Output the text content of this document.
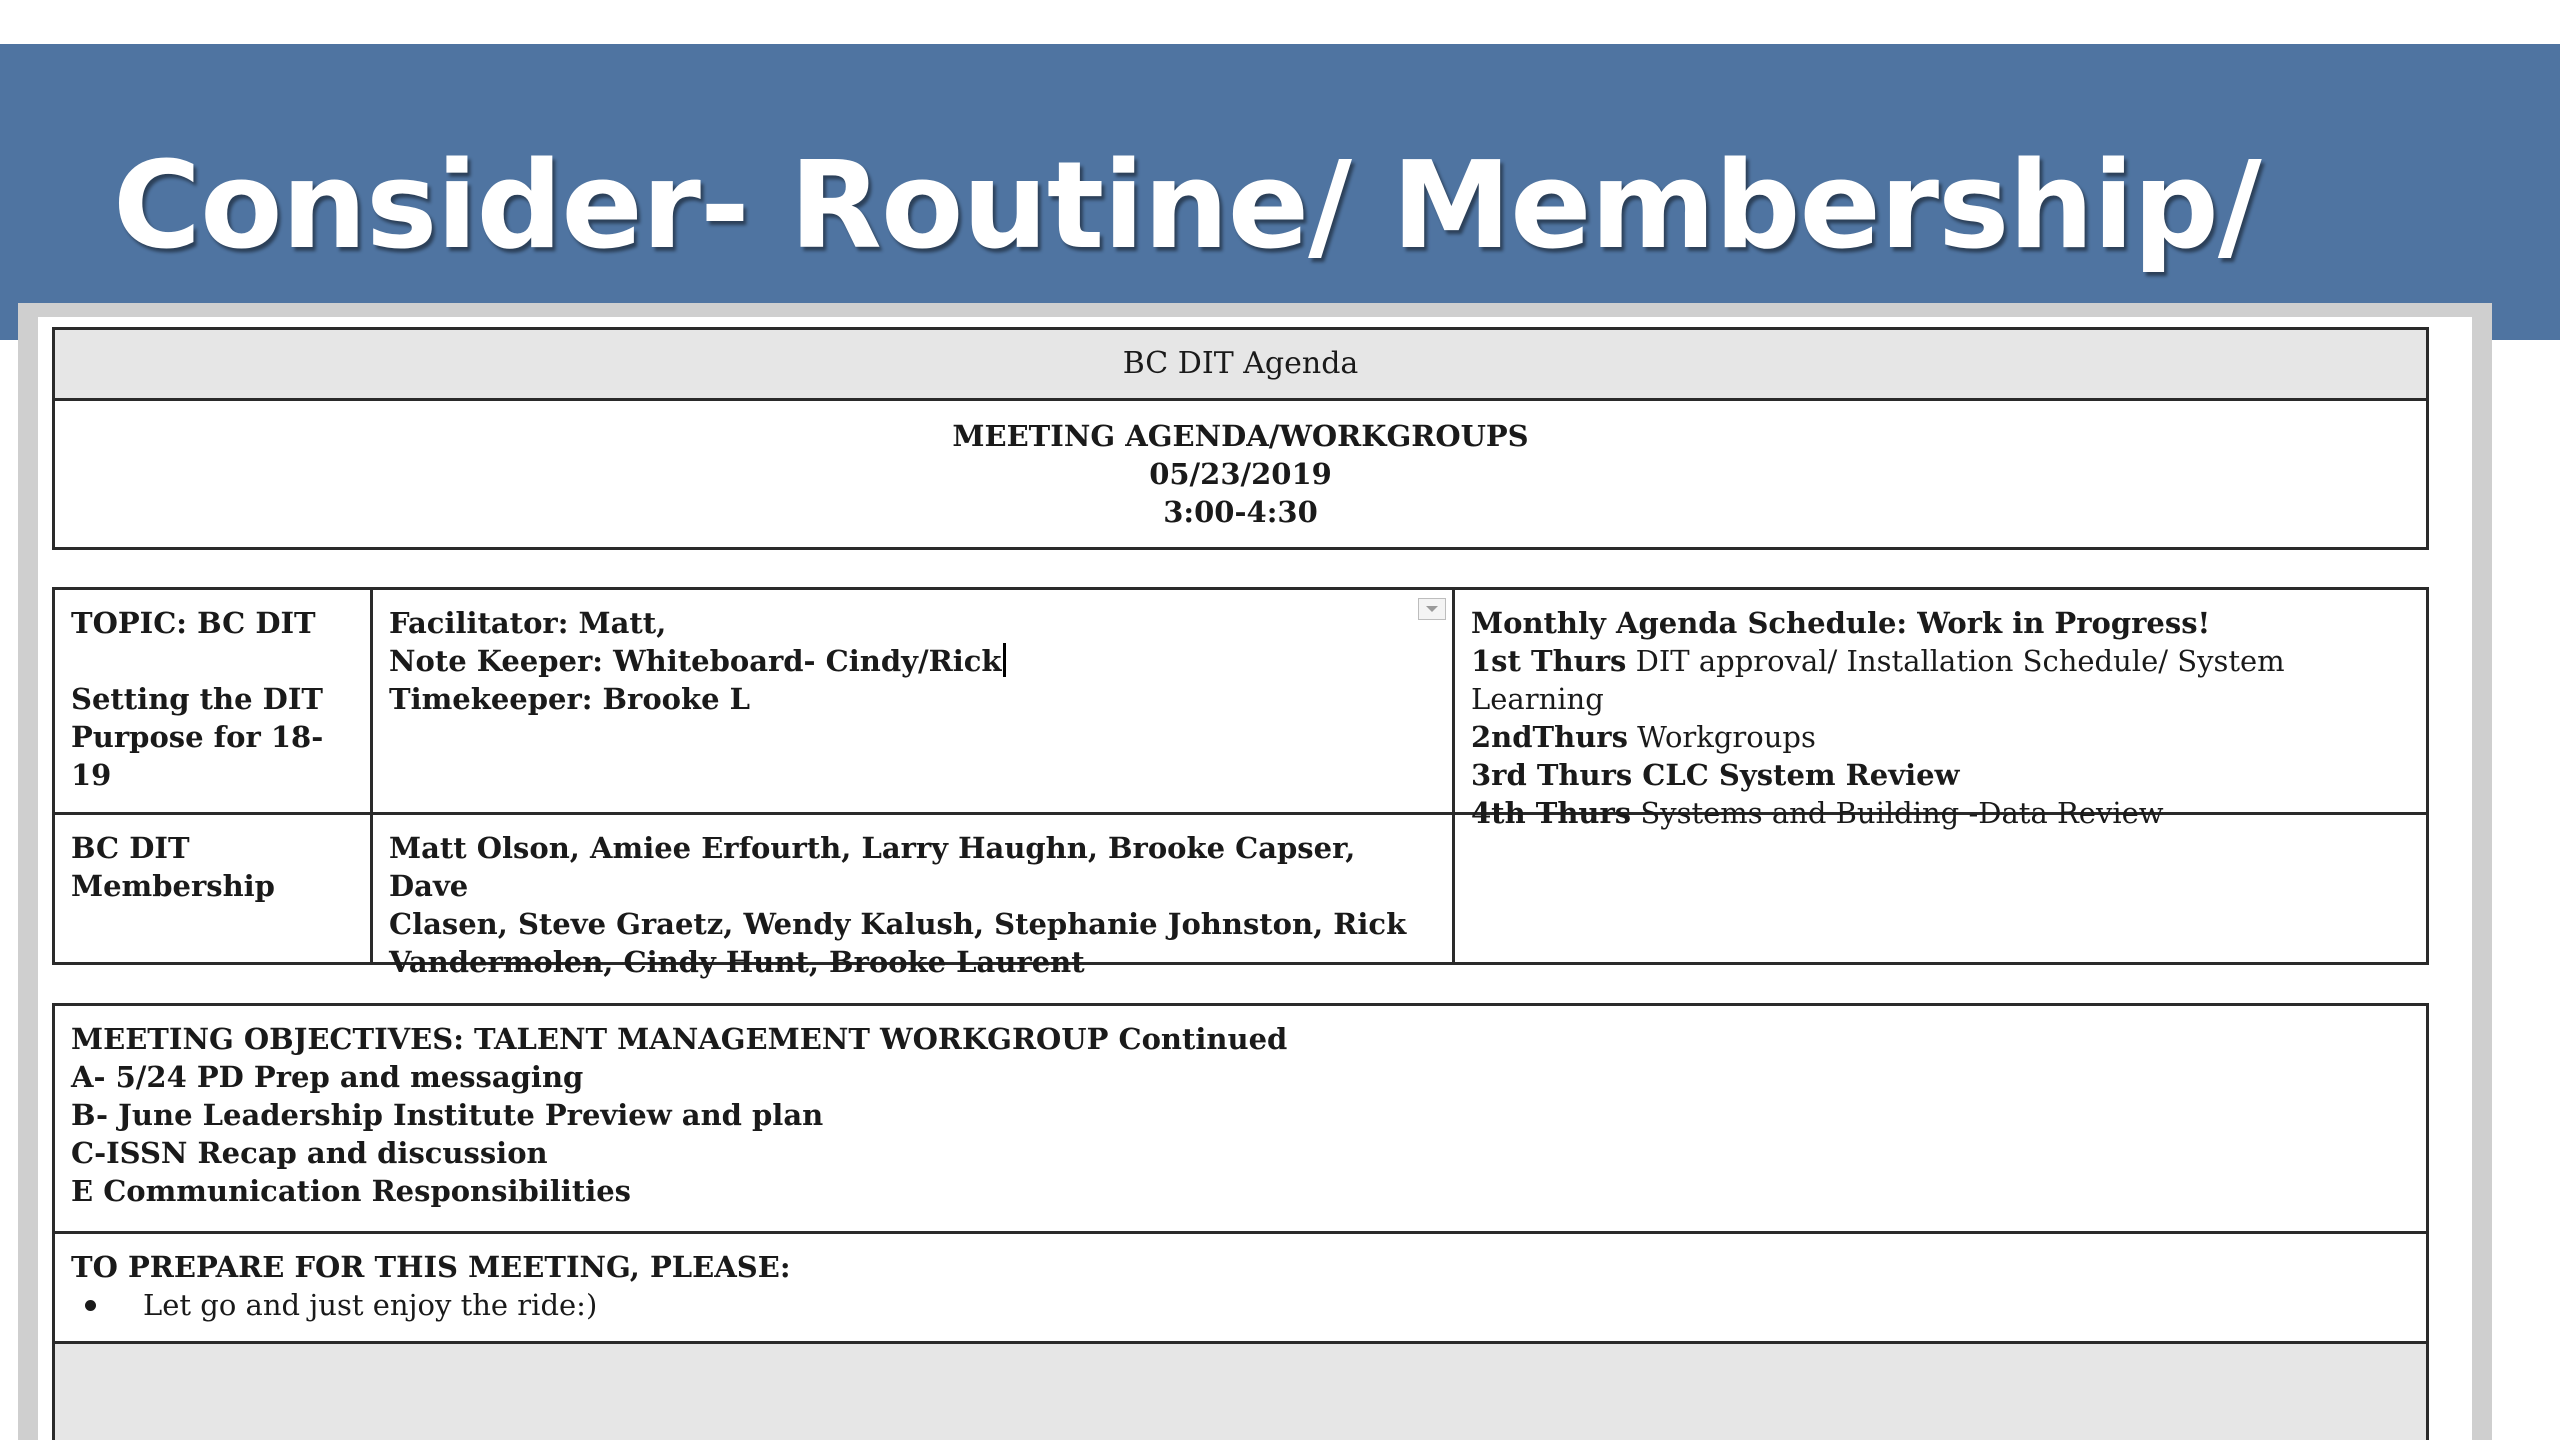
Consider- Routine/ Membership/
BC DIT Agenda
MEETING AGENDA/WORKGROUPS
05/23/2019
3:00-4:30
TOPIC: BC DIT
Setting the DIT
Purpose for 18-19
Facilitator: Matt,
Note Keeper: Whiteboard- Cindy/Rick
Timekeeper: Brooke L
Monthly Agenda Schedule: Work in Progress!
1st Thurs DIT approval/ Installation Schedule/ System Learning
2ndThurs Workgroups
3rd Thurs CLC System Review
4th Thurs Systems and Building -Data Review
BC DIT
Membership
Matt Olson, Amiee Erfourth, Larry Haughn, Brooke Capser, Dave
Clasen, Steve Graetz, Wendy Kalush, Stephanie Johnston, Rick
Vandermolen, Cindy Hunt, Brooke Laurent
MEETING OBJECTIVES: TALENT MANAGEMENT WORKGROUP Continued
A- 5/24 PD Prep and messaging
B- June Leadership Institute Preview and plan
C-ISSN Recap and discussion
E Communication Responsibilities
TO PREPARE FOR THIS MEETING, PLEASE:
Let go and just enjoy the ride:)
